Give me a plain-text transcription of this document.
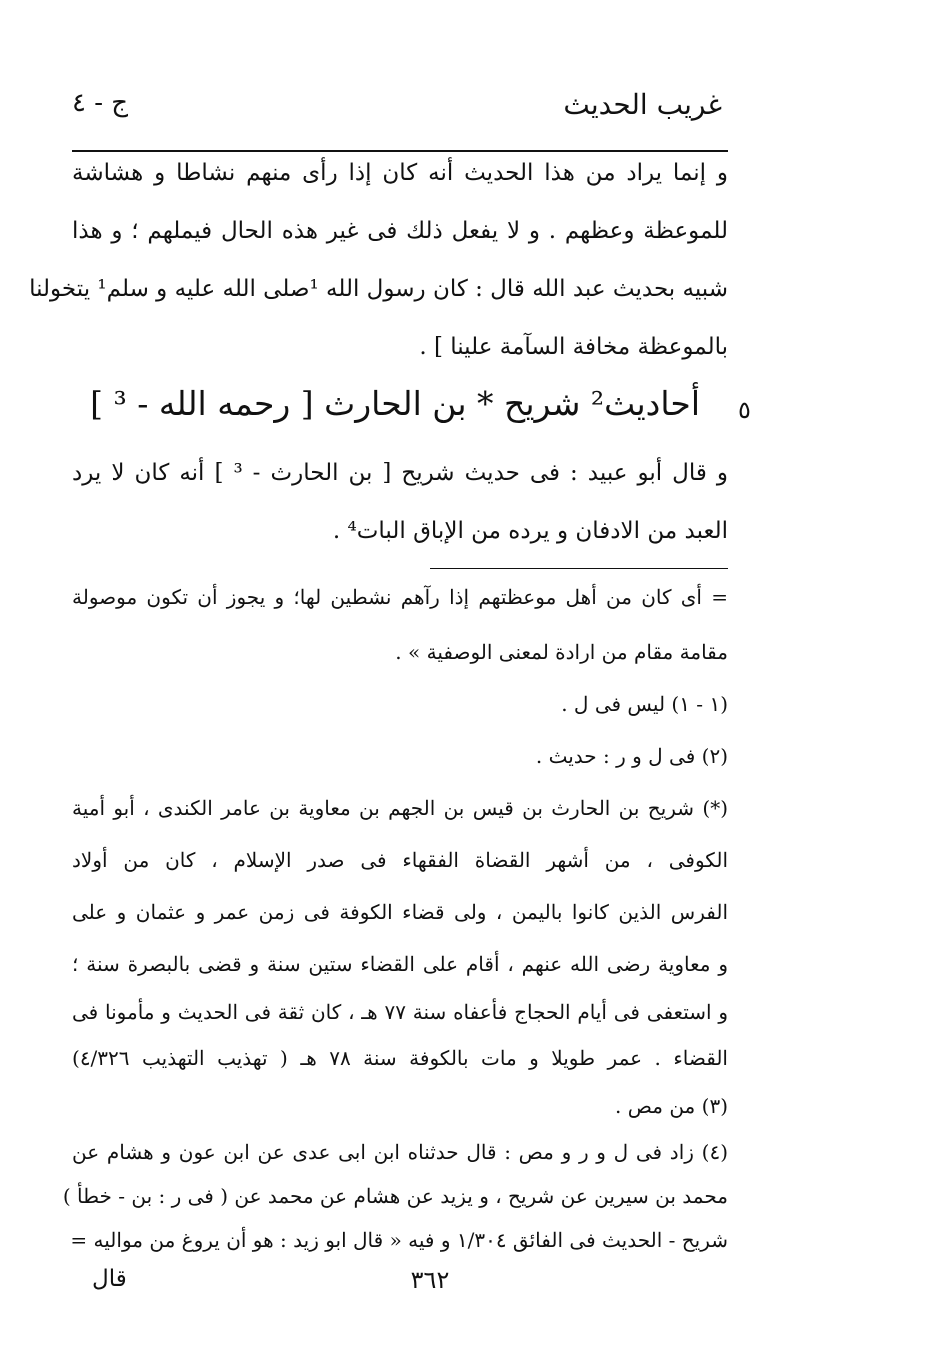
غريب الحديث
ج - ٤
و إنما يراد من هذا الحديث أنه كان إذا رأى منهم نشاطا و هشاشة
للموعظة وعظهم . و لا يفعل ذلك فى غير هذه الحال فيملهم ؛ و هذا
شبيه بحديث عبد الله قال : كان رسول الله ¹صلى الله عليه و سلم¹ يتخولنا
بالموعظة مخافة السآمة علينا ] .
٥
أحاديث² شريح * بن الحارث [ رحمه الله - ³ ]
و قال أبو عبيد : فى حديث شريح [ بن الحارث - ³ ] أنه كان لا يرد
العبد من الادفان و يرده من الإباق البات⁴ .
= أى كان من أهل موعظتهم إذا رآهم نشطين لها؛ و يجوز أن تكون موصولة
مقامة مقام من ارادة لمعنى الوصفية » .
(١ - ١) ليس فى ل .
(٢) فى ل و ر : حديث .
(*) شريح بن الحارث بن قيس بن الجهم بن معاوية بن عامر الكندى ، أبو أمية
الكوفى ، من أشهر القضاة الفقهاء فى صدر الإسلام ، كان من أولاد
الفرس الذين كانوا باليمن ، ولى قضاء الكوفة فى زمن عمر و عثمان و على
و معاوية رضى الله عنهم ، أقام على القضاء ستين سنة و قضى بالبصرة سنة ؛
و استعفى فى أيام الحجاج فأعفاه سنة ٧٧ هـ ، كان ثقة فى الحديث و مأمونا فى
القضاء . عمر طويلا و مات بالكوفة سنة ٧٨ هـ ( تهذيب التهذيب ٤/٣٢٦)
(٣) من مص .
(٤) زاد فى ل و ر و مص : قال حدثناه ابن ابى عدى عن ابن عون و هشام عن
محمد بن سيرين عن شريح ، و يزيد عن هشام عن محمد عن ( فى ر : بن - خطأ )
شريح - الحديث فى الفائق ١/٣٠٤ و فيه « قال ابو زيد : هو أن يروغ من مواليه =
٣٦٢
قال
